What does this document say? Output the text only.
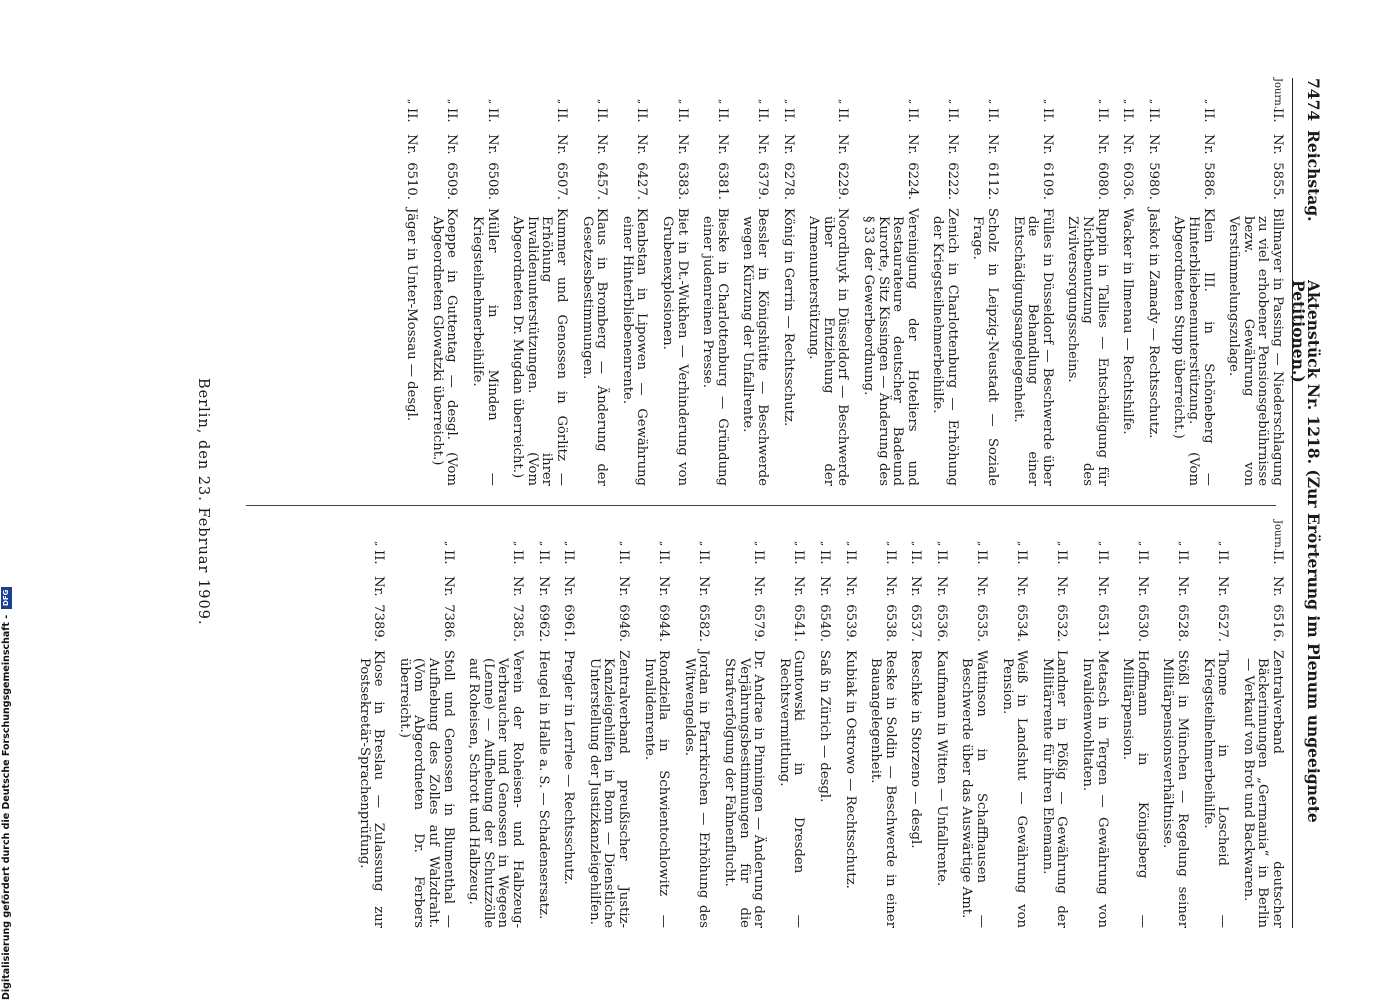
7474
Reichstag.
Aktenstück Nr. 1218. (Zur Erörterung im Plenum ungeeignete Petitionen.)
Journ.
II.
Nr.
5855.
Billmayer in Passing — Niederschlagung zu viel erhobener Pensionsgebührnisse bezw. Gewährung von Verstümmelungszulage.
„
II.
Nr.
5886.
Klein III. in Schöneberg — Hinterbliebenenunterstützung. (Vom Abgeordneten Stupp überreicht.)
„
II.
Nr.
5980.
Jaskot in Zamady — Rechtsschutz.
„
II.
Nr.
6036.
Wacker in Ilmenau — Rechtshilfe.
„
II.
Nr.
6080.
Ruppin in Tallies — Entschädigung für Nichtbenutzung des Zivilversorgungsscheins.
„
II.
Nr.
6109.
Fülles in Düsseldorf — Beschwerde über die Behandlung einer Entschädigungsangelegenheit.
„
II.
Nr.
6112.
Scholz in Leipzig-Neustadt — Soziale Frage.
„
II.
Nr.
6222.
Zenich in Charlottenburg — Erhöhung der Kriegsteilnehmerbeihilfe.
„
II.
Nr.
6224.
Vereinigung der Hoteliers und Restaurateure deutscher Badeund Kurorte, Sitz Kissingen — Änderung des § 33 der Gewerbeordnung.
„
II.
Nr.
6229.
Noordhuyk in Düsseldorf — Beschwerde über Entziehung der Armenunterstützung.
„
II.
Nr.
6278.
König in Gerrin — Rechtsschutz.
„
II.
Nr.
6379.
Bessler in Königshütte — Beschwerde wegen Kürzung der Unfallrente.
„
II.
Nr.
6381.
Bieske in Charlottenburg — Gründung einer judenreinen Presse.
„
II.
Nr.
6383.
Biet in Dt.-Wukhen — Verhinderung von Grubenexplosionen.
„
II.
Nr.
6427.
Klenbstan in Lipowen — Gewährung einer Hinterbliebenenrente.
„
II.
Nr.
6457.
Klaus in Bromberg — Änderung der Gesetzesbestimmungen.
„
II.
Nr.
6507.
Kummer und Genossen in Görlitz — Erhöhung ihrer Invalidenunterstützungen. (Vom Abgeordneten Dr. Mugdan überreicht.)
„
II.
Nr.
6508.
Müller in Minden — Kriegsteilnehmerbeihilfe.
„
II.
Nr.
6509.
Koeppe in Guttentag — desgl. (Vom Abgeordneten Glowatzki überreicht.)
„
II.
Nr.
6510.
Jäger in Unter-Mossau — desgl.
Journ.
II.
Nr.
6516.
Zentralverband deutscher Bäckerinnungen „Germania“ in Berlin — Verkauf von Brot und Backwaren.
„
II.
Nr.
6527.
Thome in Loscheid — Kriegsteilnehmerbeihilfe.
„
II.
Nr.
6528.
Stößl in München — Regelung seiner Militärpensionsverhältnisse.
„
II.
Nr.
6530.
Hoffmann in Königsberg — Militärpension.
„
II.
Nr.
6531.
Metasch in Tergen — Gewährung von Invalidenwohltaten.
„
II.
Nr.
6532.
Landner in Pößig — Gewährung der Militärrente für ihren Ehemann.
„
II.
Nr.
6534.
Weiß in Landshut — Gewährung von Pension.
„
II.
Nr.
6535.
Wattinson in Schaffhausen — Beschwerde über das Auswärtige Amt.
„
II.
Nr.
6536.
Kaufmann in Witten — Unfallrente.
„
II.
Nr.
6537.
Reschke in Storzeno — desgl.
„
II.
Nr.
6538.
Reske in Soldin — Beschwerde in einer Bauangelegenheit.
„
II.
Nr.
6539.
Kubiak in Ostrowo — Rechtsschutz.
„
II.
Nr.
6540.
Saß in Zürich — desgl.
„
II.
Nr.
6541.
Guntowski in Dresden — Rechtsvermittlung.
„
II.
Nr.
6579.
Dr. Andrae in Pinningen — Änderung der Verjährungsbestimmungen für die Strafverfolgung der Fahnenflucht.
„
II.
Nr.
6582.
Jordan in Pfarrkirchen — Erhöhung des Witwengeldes.
„
II.
Nr.
6944.
Rondziella in Schwientochlowitz — Invalidenrente.
„
II.
Nr.
6946.
Zentralverband preußischer Justiz-Kanzleigehilfen in Bonn — Dienstliche Unterstellung der Justizkanzleigehilfen.
„
II.
Nr.
6961.
Pregler in Lerrlee — Rechtsschutz.
„
II.
Nr.
6962.
Heugel in Halle a. S. — Schadensersatz.
„
II.
Nr.
7385.
Verein der Roheisen- und Halbzeug-Verbraucher und Genossen in Wegeen (Lenne) — Aufhebung der Schutzzölle auf Roheisen, Schrott und Halbzeug.
„
II.
Nr.
7386.
Stoll und Genossen in Blumenthal — Aufhebung des Zolles auf Walzdraht. (Vom Abgeordneten Dr. Ferbers überreicht.)
„
II.
Nr.
7389.
Klose in Breslau — Zulassung zur Postsekretär-Sprachenprüfung.
Berlin, den 23. Februar 1909.
Digitalisierung gefördert durch die Deutsche Forschungsgemeinschaft -
DFG
